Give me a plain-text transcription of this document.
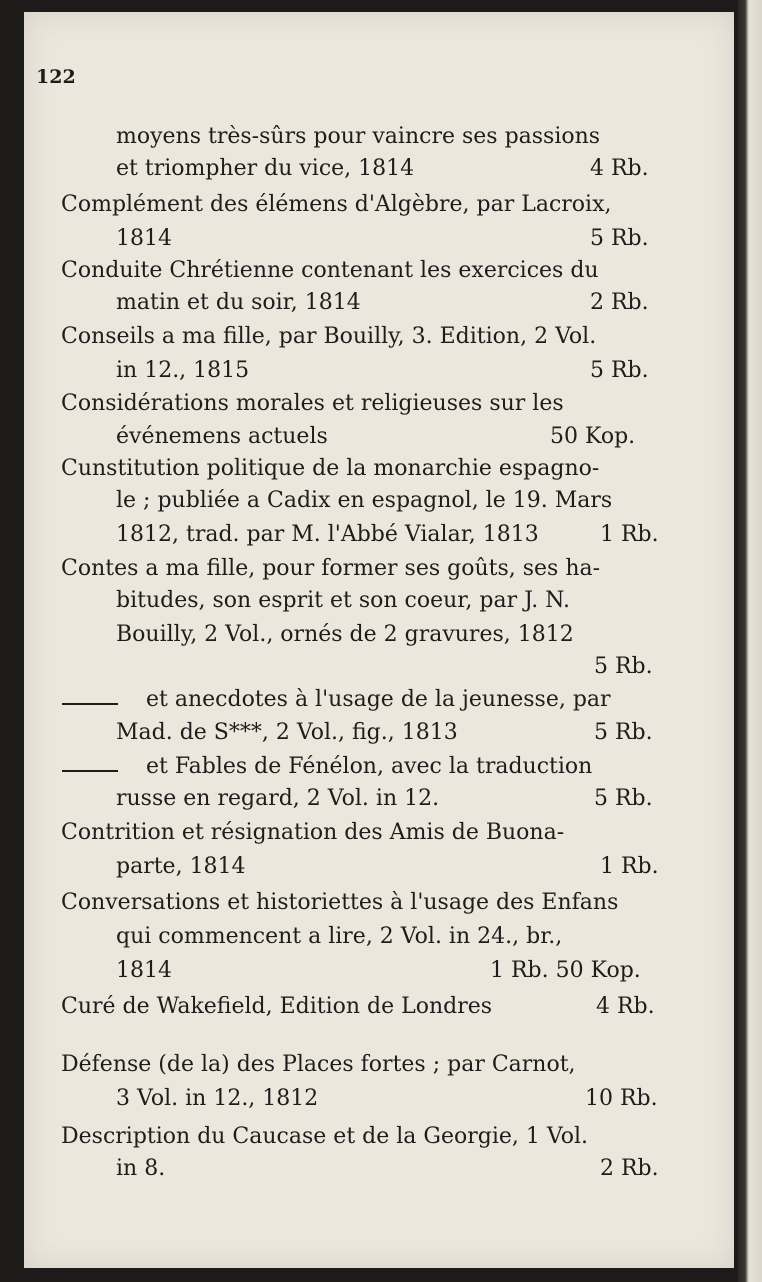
122
moyens très-sûrs pour vaincre ses passions
et triompher du vice, 1814	4 Rb.
Complément des élémens d'Algèbre, par Lacroix,
1814	5 Rb.
Conduite Chrétienne contenant les exercices du
matin et du soir, 1814	2 Rb.
Conseils a ma fille, par Bouilly, 3. Edition, 2 Vol.
in 12., 1815	5 Rb.
Considérations morales et religieuses sur les
événemens actuels	50 Kop.
Cunstitution politique de la monarchie espagno-
le ; publiée a Cadix en espagnol, le 19. Mars
1812, trad. par M. l'Abbé Vialar, 1813	1 Rb.
Contes a ma fille, pour former ses goûts, ses ha-
bitudes, son esprit et son coeur, par J. N.
Bouilly, 2 Vol., ornés de 2 gravures, 1812
5 Rb.
et anecdotes à l'usage de la jeunesse, par
Mad. de S***, 2 Vol., fig., 1813	5 Rb.
et Fables de Fénélon, avec la traduction
russe en regard, 2 Vol. in 12.	5 Rb.
Contrition et résignation des Amis de Buona-
parte, 1814	1 Rb.
Conversations et historiettes à l'usage des Enfans
qui commencent a lire, 2 Vol. in 24., br.,
1814	1 Rb. 50 Kop.
Curé de Wakefield, Edition de Londres	4 Rb.
Défense (de la) des Places fortes ; par Carnot,
3 Vol. in 12., 1812	10 Rb.
Description du Caucase et de la Georgie, 1 Vol.
in 8.	2 Rb.
